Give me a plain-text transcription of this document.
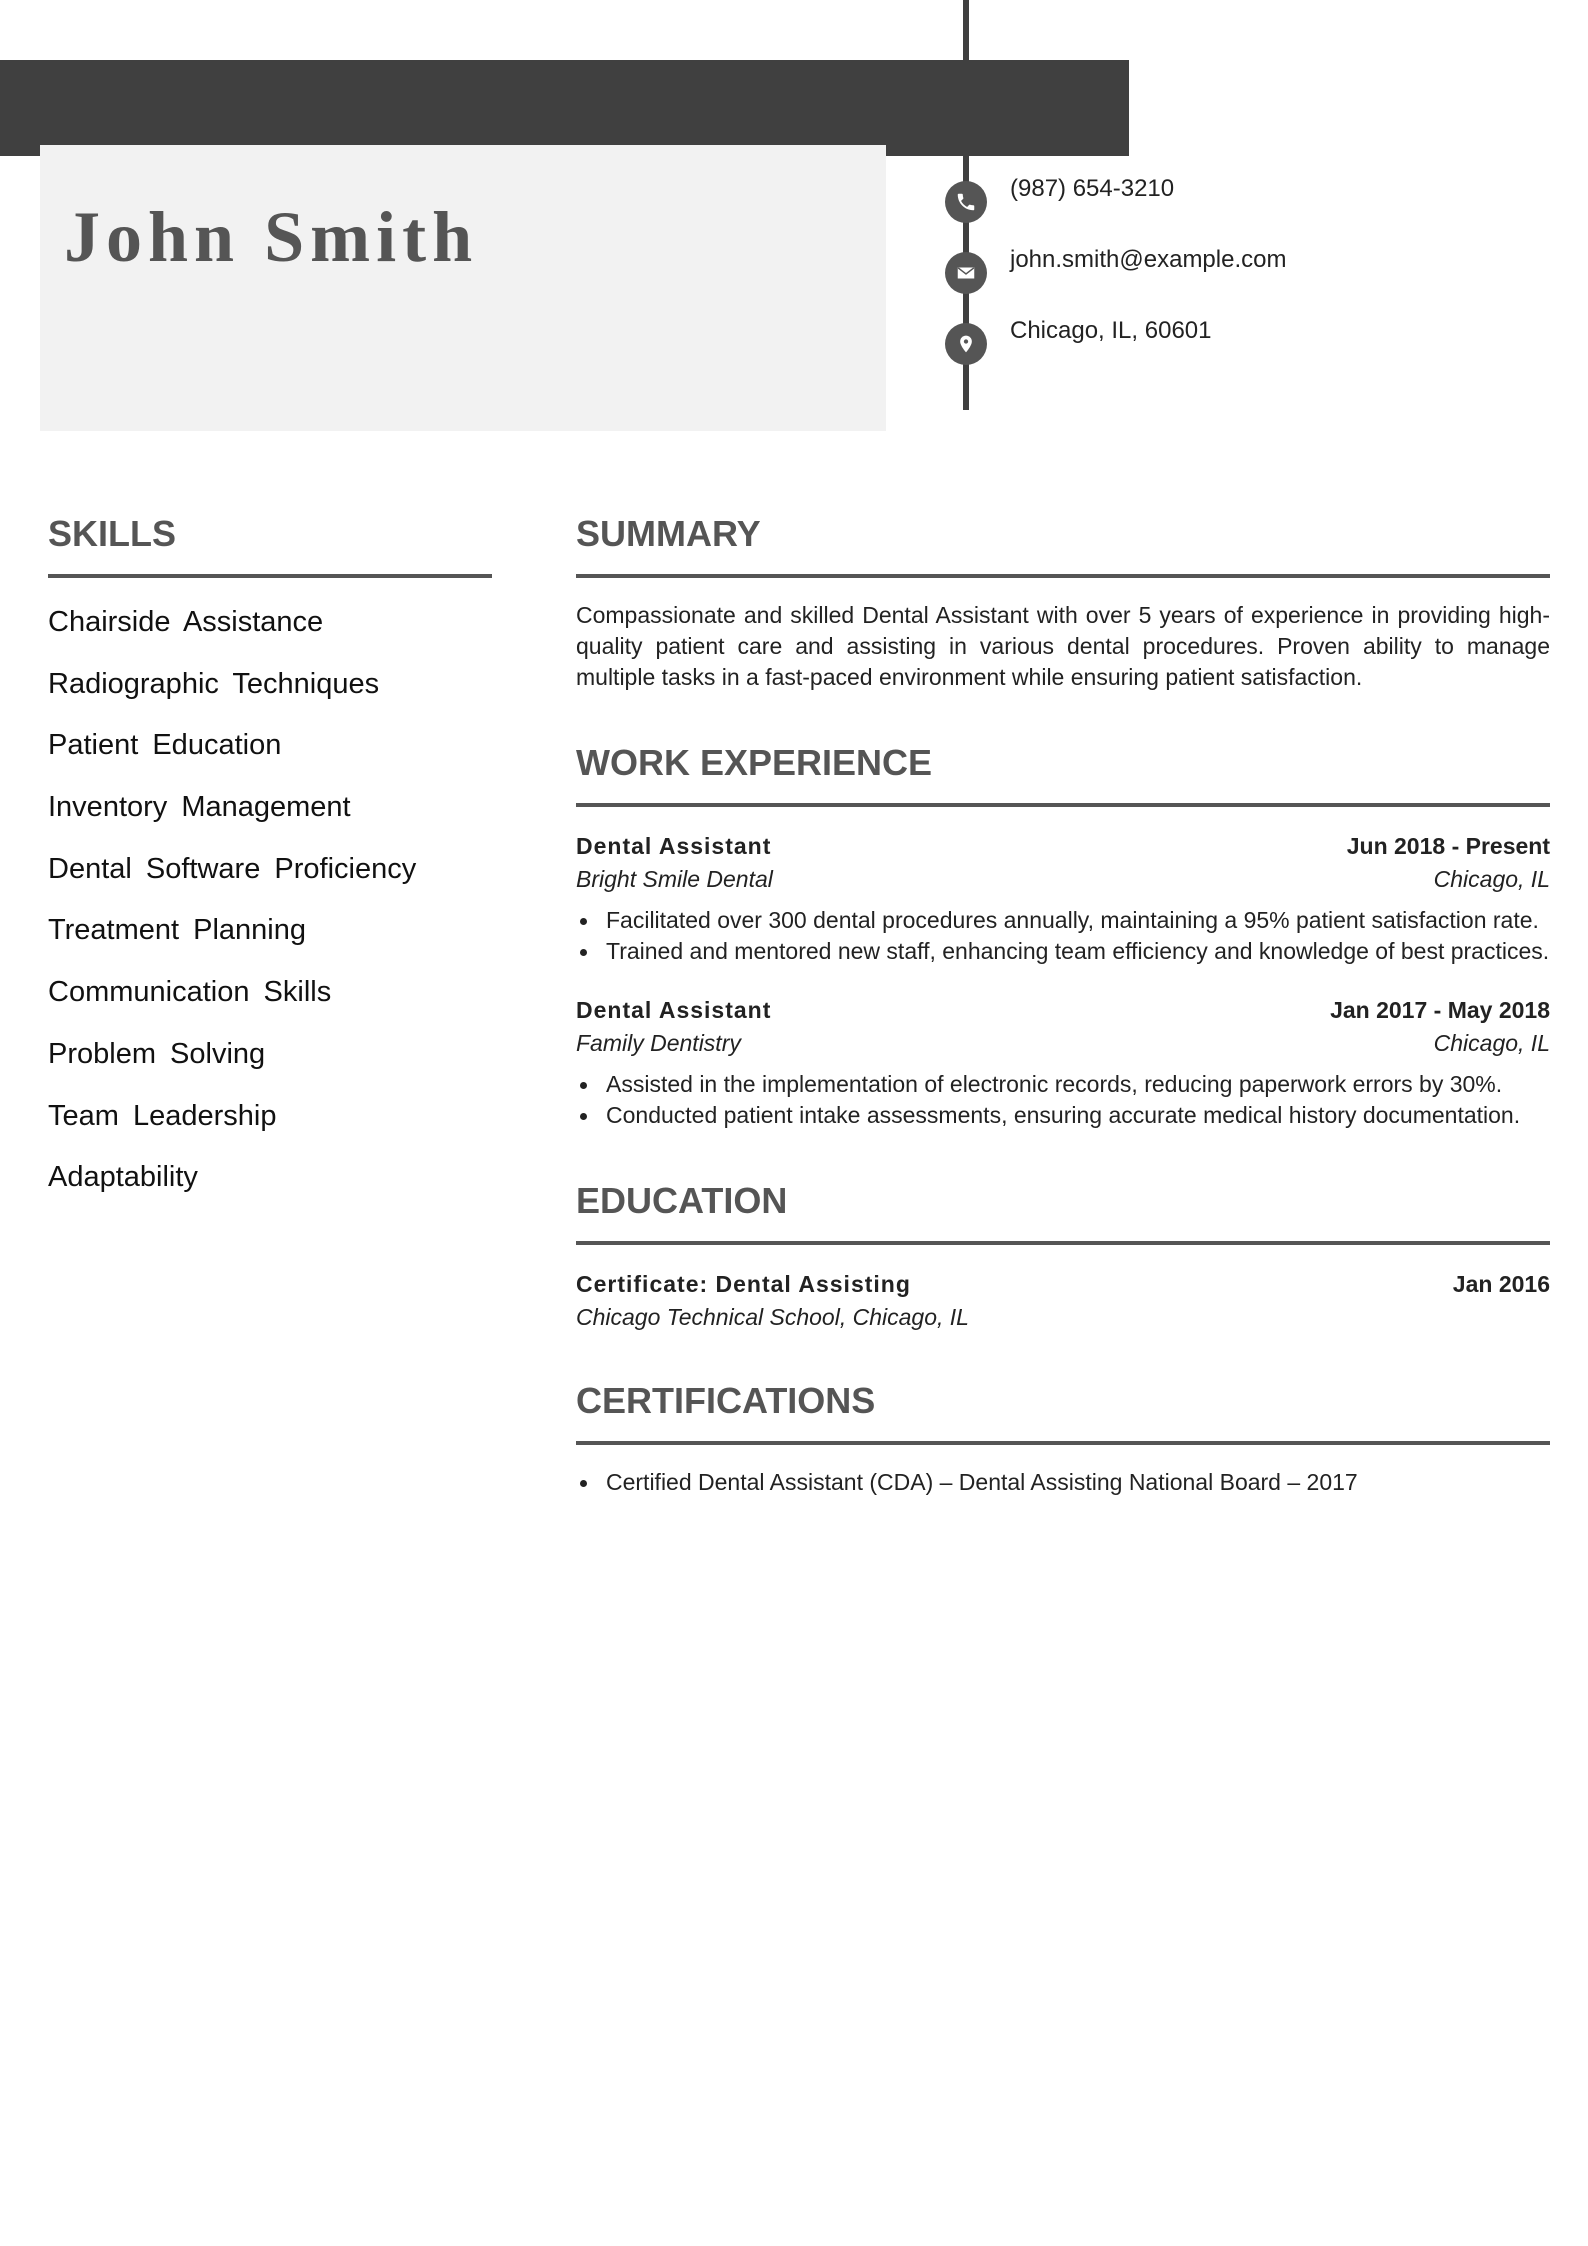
John Smith
(987) 654-3210
john.smith@example.com
Chicago, IL, 60601
SKILLS
Chairside Assistance
Radiographic Techniques
Patient Education
Inventory Management
Dental Software Proficiency
Treatment Planning
Communication Skills
Problem Solving
Team Leadership
Adaptability
SUMMARY

Compassionate and skilled Dental Assistant with over 5 years of experience in providing high-quality patient care and assisting in various dental procedures. Proven ability to manage multiple tasks in a fast-paced environment while ensuring patient satisfaction.

WORK EXPERIENCE
Dental Assistant	Jun 2018 - Present
Bright Smile Dental	Chicago, IL
Facilitated over 300 dental procedures annually, maintaining a 95% patient satisfaction rate.
Trained and mentored new staff, enhancing team efficiency and knowledge of best practices.
Dental Assistant	Jan 2017 - May 2018
Family Dentistry	Chicago, IL
Assisted in the implementation of electronic records, reducing paperwork errors by 30%.
Conducted patient intake assessments, ensuring accurate medical history documentation.
EDUCATION
Certificate: Dental Assisting	Jan 2016
Chicago Technical School, Chicago, IL
CERTIFICATIONS
Certified Dental Assistant (CDA) – Dental Assisting National Board – 2017
